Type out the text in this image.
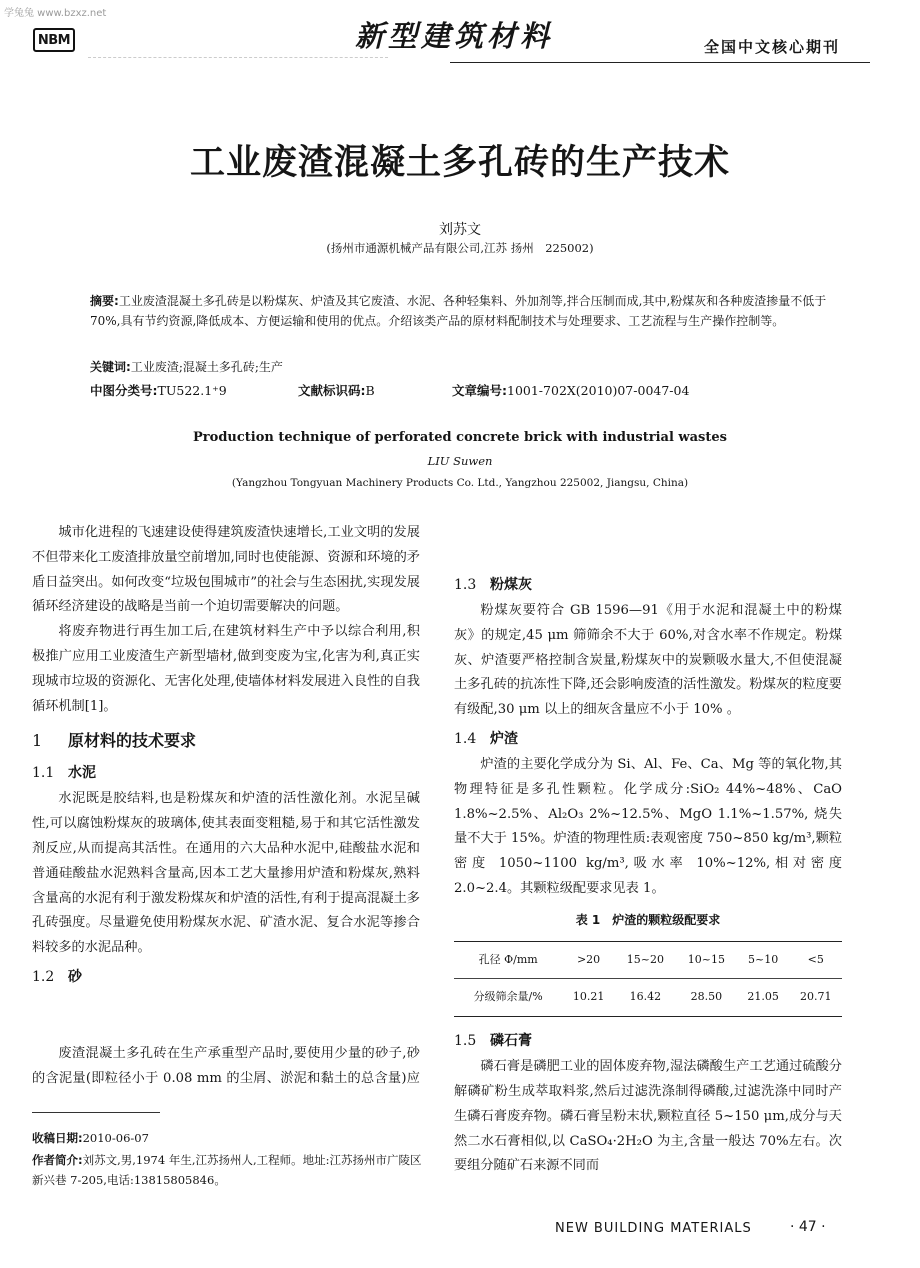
学兔兔 www.bzxz.net
NBM	新型建筑材料	全国中文核心期刊
工业废渣混凝土多孔砖的生产技术
刘苏文
(扬州市通源机械产品有限公司,江苏 扬州　225002)

摘要:工业废渣混凝土多孔砖是以粉煤灰、炉渣及其它废渣、水泥、各种轻集料、外加剂等,拌合压制而成,其中,粉煤灰和各种废渣掺量不低于 70%,具有节约资源,降低成本、方便运输和使用的优点。介绍该类产品的原材料配制技术与处理要求、工艺流程与生产操作控制等。

关键词:工业废渣;混凝土多孔砖;生产

中图分类号:TU522.1⁺9	文献标识码:B	文章编号:1001-702X(2010)07-0047-04

Production technique of perforated concrete brick with industrial wastes
LIU Suwen
(Yangzhou Tongyuan Machinery Products Co. Ltd., Yangzhou 225002, Jiangsu, China)

城市化进程的飞速建设使得建筑废渣快速增长,工业文明的发展不但带来化工废渣排放量空前增加,同时也使能源、资源和环境的矛盾日益突出。如何改变“垃圾包围城市”的社会与生态困扰,实现发展循环经济建设的战略是当前一个迫切需要解决的问题。

将废弃物进行再生加工后,在建筑材料生产中予以综合利用,积极推广应用工业废渣生产新型墙材,做到变废为宝,化害为利,真正实现城市垃圾的资源化、无害化处理,使墙体材料发展进入良性的自我循环机制[1]。

1 原材料的技术要求
1.1 水泥

水泥既是胶结料,也是粉煤灰和炉渣的活性激化剂。水泥呈碱性,可以腐蚀粉煤灰的玻璃体,使其表面变粗糙,易于和其它活性激发剂反应,从而提高其活性。在通用的六大品种水泥中,硅酸盐水泥和普通硅酸盐水泥熟料含量高,因本工艺大量掺用炉渣和粉煤灰,熟料含量高的水泥有利于激发粉煤灰和炉渣的活性,有利于提高混凝土多孔砖强度。尽量避免使用粉煤灰水泥、矿渣水泥、复合水泥等掺合料较多的水泥品种。

1.2 砂

废渣混凝土多孔砖在生产承重型产品时,要使用少量的砂子,砂的含泥量(即粒径小于 0.08 mm 的尘屑、淤泥和黏土的总含量)应

收稿日期:2010-06-07

作者简介:刘苏文,男,1974 年生,江苏扬州人,工程师。地址:江苏扬州市广陵区新兴巷 7-205,电话:13815805846。

1.3 粉煤灰

粉煤灰要符合 GB 1596—91《用于水泥和混凝土中的粉煤灰》的规定,45 μm 筛筛余不大于 60%,对含水率不作规定。粉煤灰、炉渣要严格控制含炭量,粉煤灰中的炭颗吸水量大,不但使混凝土多孔砖的抗冻性下降,还会影响废渣的活性激发。粉煤灰的粒度要有级配,30 μm 以上的细灰含量应不小于 10% 。

1.4 炉渣

炉渣的主要化学成分为 Si、Al、Fe、Ca、Mg 等的氧化物,其物理特征是多孔性颗粒。化学成分:SiO₂ 44%~48%、CaO 1.8%~2.5%、Al₂O₃ 2%~12.5%、MgO 1.1%~1.57%, 烧失量不大于 15%。炉渣的物理性质:表观密度 750~850 kg/m³,颗粒密度 1050~1100 kg/m³,吸水率 10%~12%,相对密度2.0~2.4。其颗粒级配要求见表 1。

表 1　炉渣的颗粒级配要求
孔径 Φ/mm	>20	15~20	10~15	5~10	<5
分级筛余量/%	10.21	16.42	28.50	21.05	20.71
1.5 磷石膏

磷石膏是磷肥工业的固体废弃物,湿法磷酸生产工艺通过硫酸分解磷矿粉生成萃取料浆,然后过滤洗涤制得磷酸,过滤洗涤中同时产生磷石膏废弃物。磷石膏呈粉末状,颗粒直径 5~150 μm,成分与天然二水石膏相似,以 CaSO₄·2H₂O 为主,含量一般达 70%左右。次要组分随矿石来源不同而

NEW BUILDING MATERIALS	· 47 ·
